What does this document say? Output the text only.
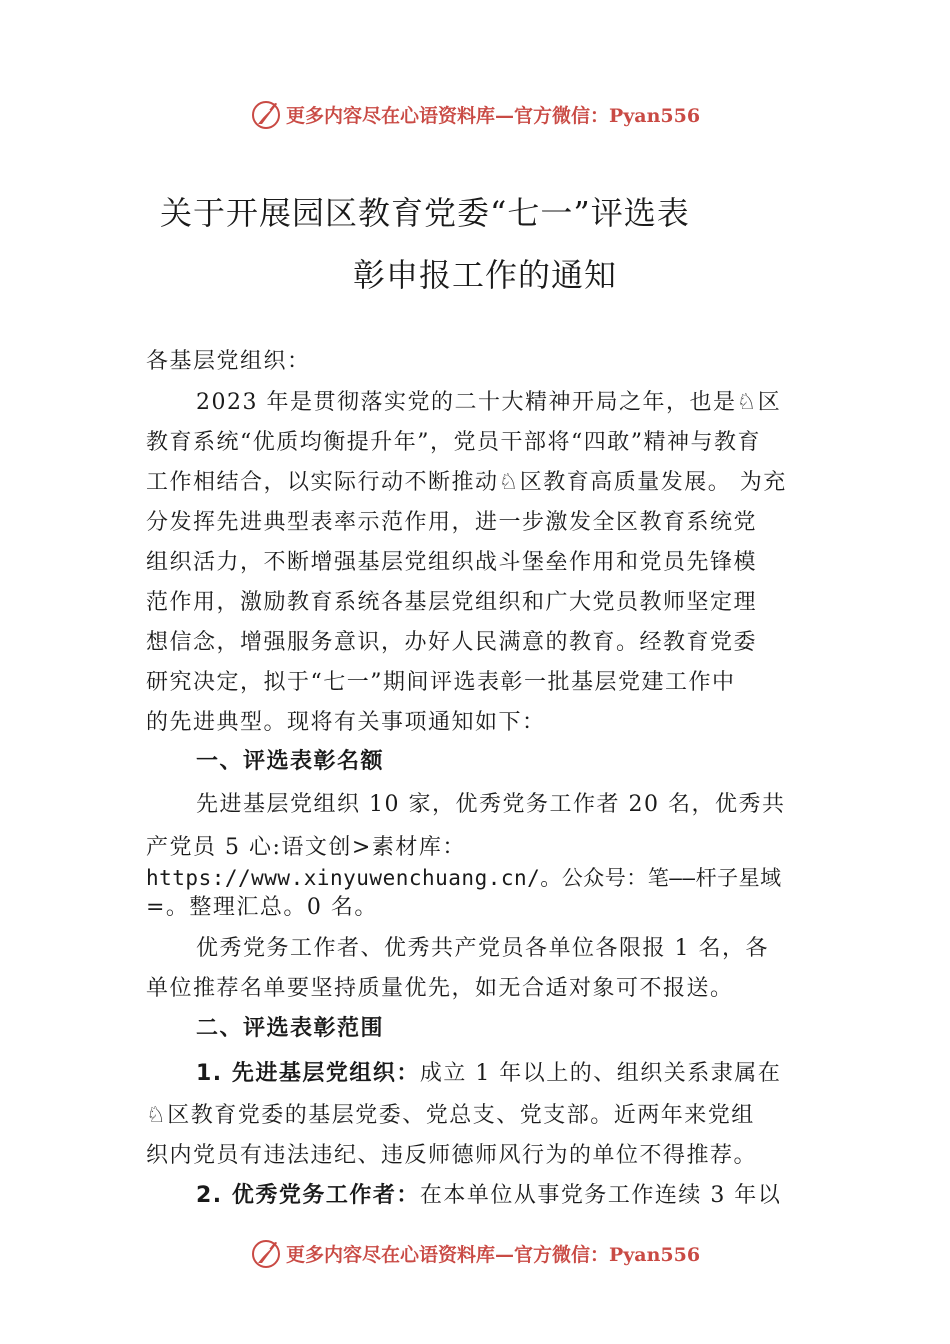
更多内容尽在心语资料库—官方微信：Pyan556
关于开展园区教育党委“七一”评选表
彰申报工作的通知
各基层党组织：
2023 年是贯彻落实党的二十大精神开局之年，也是♘区
教育系统“优质均衡提升年”，党员干部将“四敢”精神与教育
工作相结合，以实际行动不断推动♘区教育高质量发展。 为充
分发挥先进典型表率示范作用，进一步激发全区教育系统党
组织活力，不断增强基层党组织战斗堡垒作用和党员先锋模
范作用，激励教育系统各基层党组织和广大党员教师坚定理
想信念，增强服务意识，办好人民满意的教育。经教育党委
研究决定，拟于“七一”期间评选表彰一批基层党建工作中
的先进典型。现将有关事项通知如下：
一、评选表彰名额
先进基层党组织 10 家，优秀党务工作者 20 名，优秀共
产党员 5 心:语文创>素材库：
https://www.xinyuwenchuang.cn/。公众号：笔——杆子星域
=。整理汇总。0 名。
优秀党务工作者、优秀共产党员各单位各限报 1 名，各
单位推荐名单要坚持质量优先，如无合适对象可不报送。
二、评选表彰范围
1. 先进基层党组织：成立 1 年以上的、组织关系隶属在
♘区教育党委的基层党委、党总支、党支部。近两年来党组
织内党员有违法违纪、违反师德师风行为的单位不得推荐。
2. 优秀党务工作者：在本单位从事党务工作连续 3 年以
更多内容尽在心语资料库—官方微信：Pyan556
